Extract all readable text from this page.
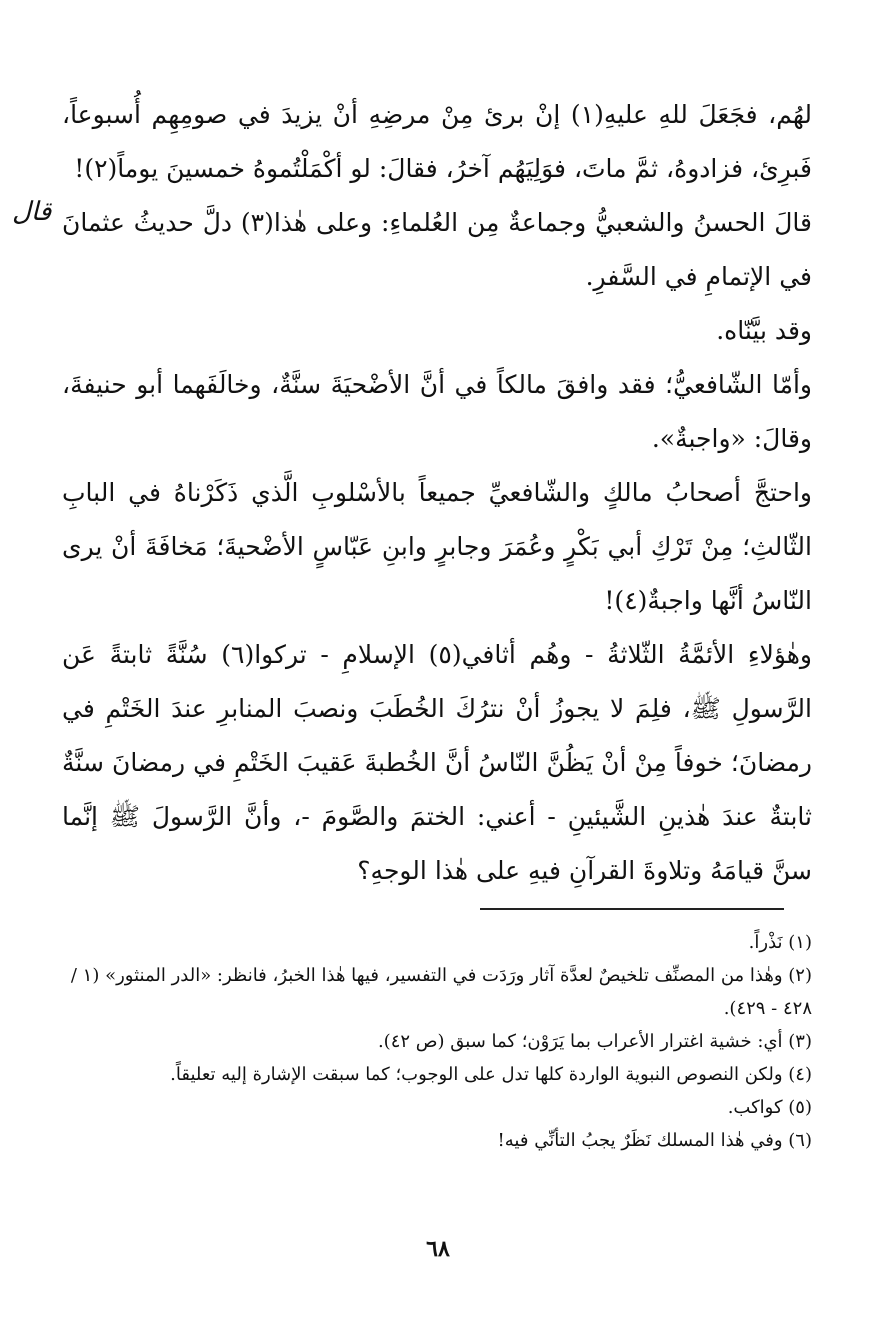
قال

لهُم، فجَعَلَ للهِ عليهِ(١) إنْ برئ مِنْ مرضِهِ أنْ يزيدَ في صومِهِم أُسبوعاً، فَبرِئ، فزادوهُ، ثمَّ ماتَ، فوَلِيَهُم آخرُ، فقالَ: لو أكْمَلْتُموهُ خمسينَ يوماً(٢)!

قالَ الحسنُ والشعبيُّ وجماعةٌ مِن العُلماءِ: وعلى هٰذا(٣) دلَّ حديثُ عثمانَ في الإتمامِ في السَّفرِ.

وقد بيَّنّاه.

وأمّا الشّافعيُّ؛ فقد وافقَ مالكاً في أنَّ الأضْحيَةَ سنَّةٌ، وخالَفَهما أبو حنيفةَ، وقالَ: «واجبةٌ».

واحتجَّ أصحابُ مالكٍ والشّافعيِّ جميعاً بالأسْلوبِ الَّذي ذَكَرْناهُ في البابِ الثّالثِ؛ مِنْ تَرْكِ أبي بَكْرٍ وعُمَرَ وجابرٍ وابنِ عَبّاسٍ الأضْحيةَ؛ مَخافَةَ أنْ يرى النّاسُ أنَّها واجبةٌ(٤)!

وهٰؤلاءِ الأئمَّةُ الثّلاثةُ - وهُم أثافي(٥) الإسلامِ - تركوا(٦) سُنَّةً ثابتةً عَن الرَّسولِ ﷺ، فلِمَ لا يجوزُ أنْ نترُكَ الخُطَبَ ونصبَ المنابرِ عندَ الخَتْمِ في رمضانَ؛ خوفاً مِنْ أنْ يَظُنَّ النّاسُ أنَّ الخُطبةَ عَقيبَ الخَتْمِ في رمضانَ سنَّةٌ ثابتةٌ عندَ هٰذينِ الشَّيئينِ - أعني: الختمَ والصَّومَ -، وأنَّ الرَّسولَ ﷺ إنَّما سنَّ قيامَهُ وتلاوةَ القرآنِ فيهِ على هٰذا الوجهِ؟

(١) نَذْراً.

(٢) وهٰذا من المصنِّف تلخيصٌ لعدَّة آثار ورَدَت في التفسير، فيها هٰذا الخبرُ، فانظر: «الدر المنثور» (١ / ٤٢٨ - ٤٢٩).

(٣) أي: خشية اغترار الأعراب بما يَرَوْن؛ كما سبق (ص ٤٢).

(٤) ولكن النصوص النبوية الواردة كلها تدل على الوجوب؛ كما سبقت الإشارة إليه تعليقاً.

(٥) كواكب.

(٦) وفي هٰذا المسلك نَظَرٌ يجبُ التأنِّي فيه!

٦٨
